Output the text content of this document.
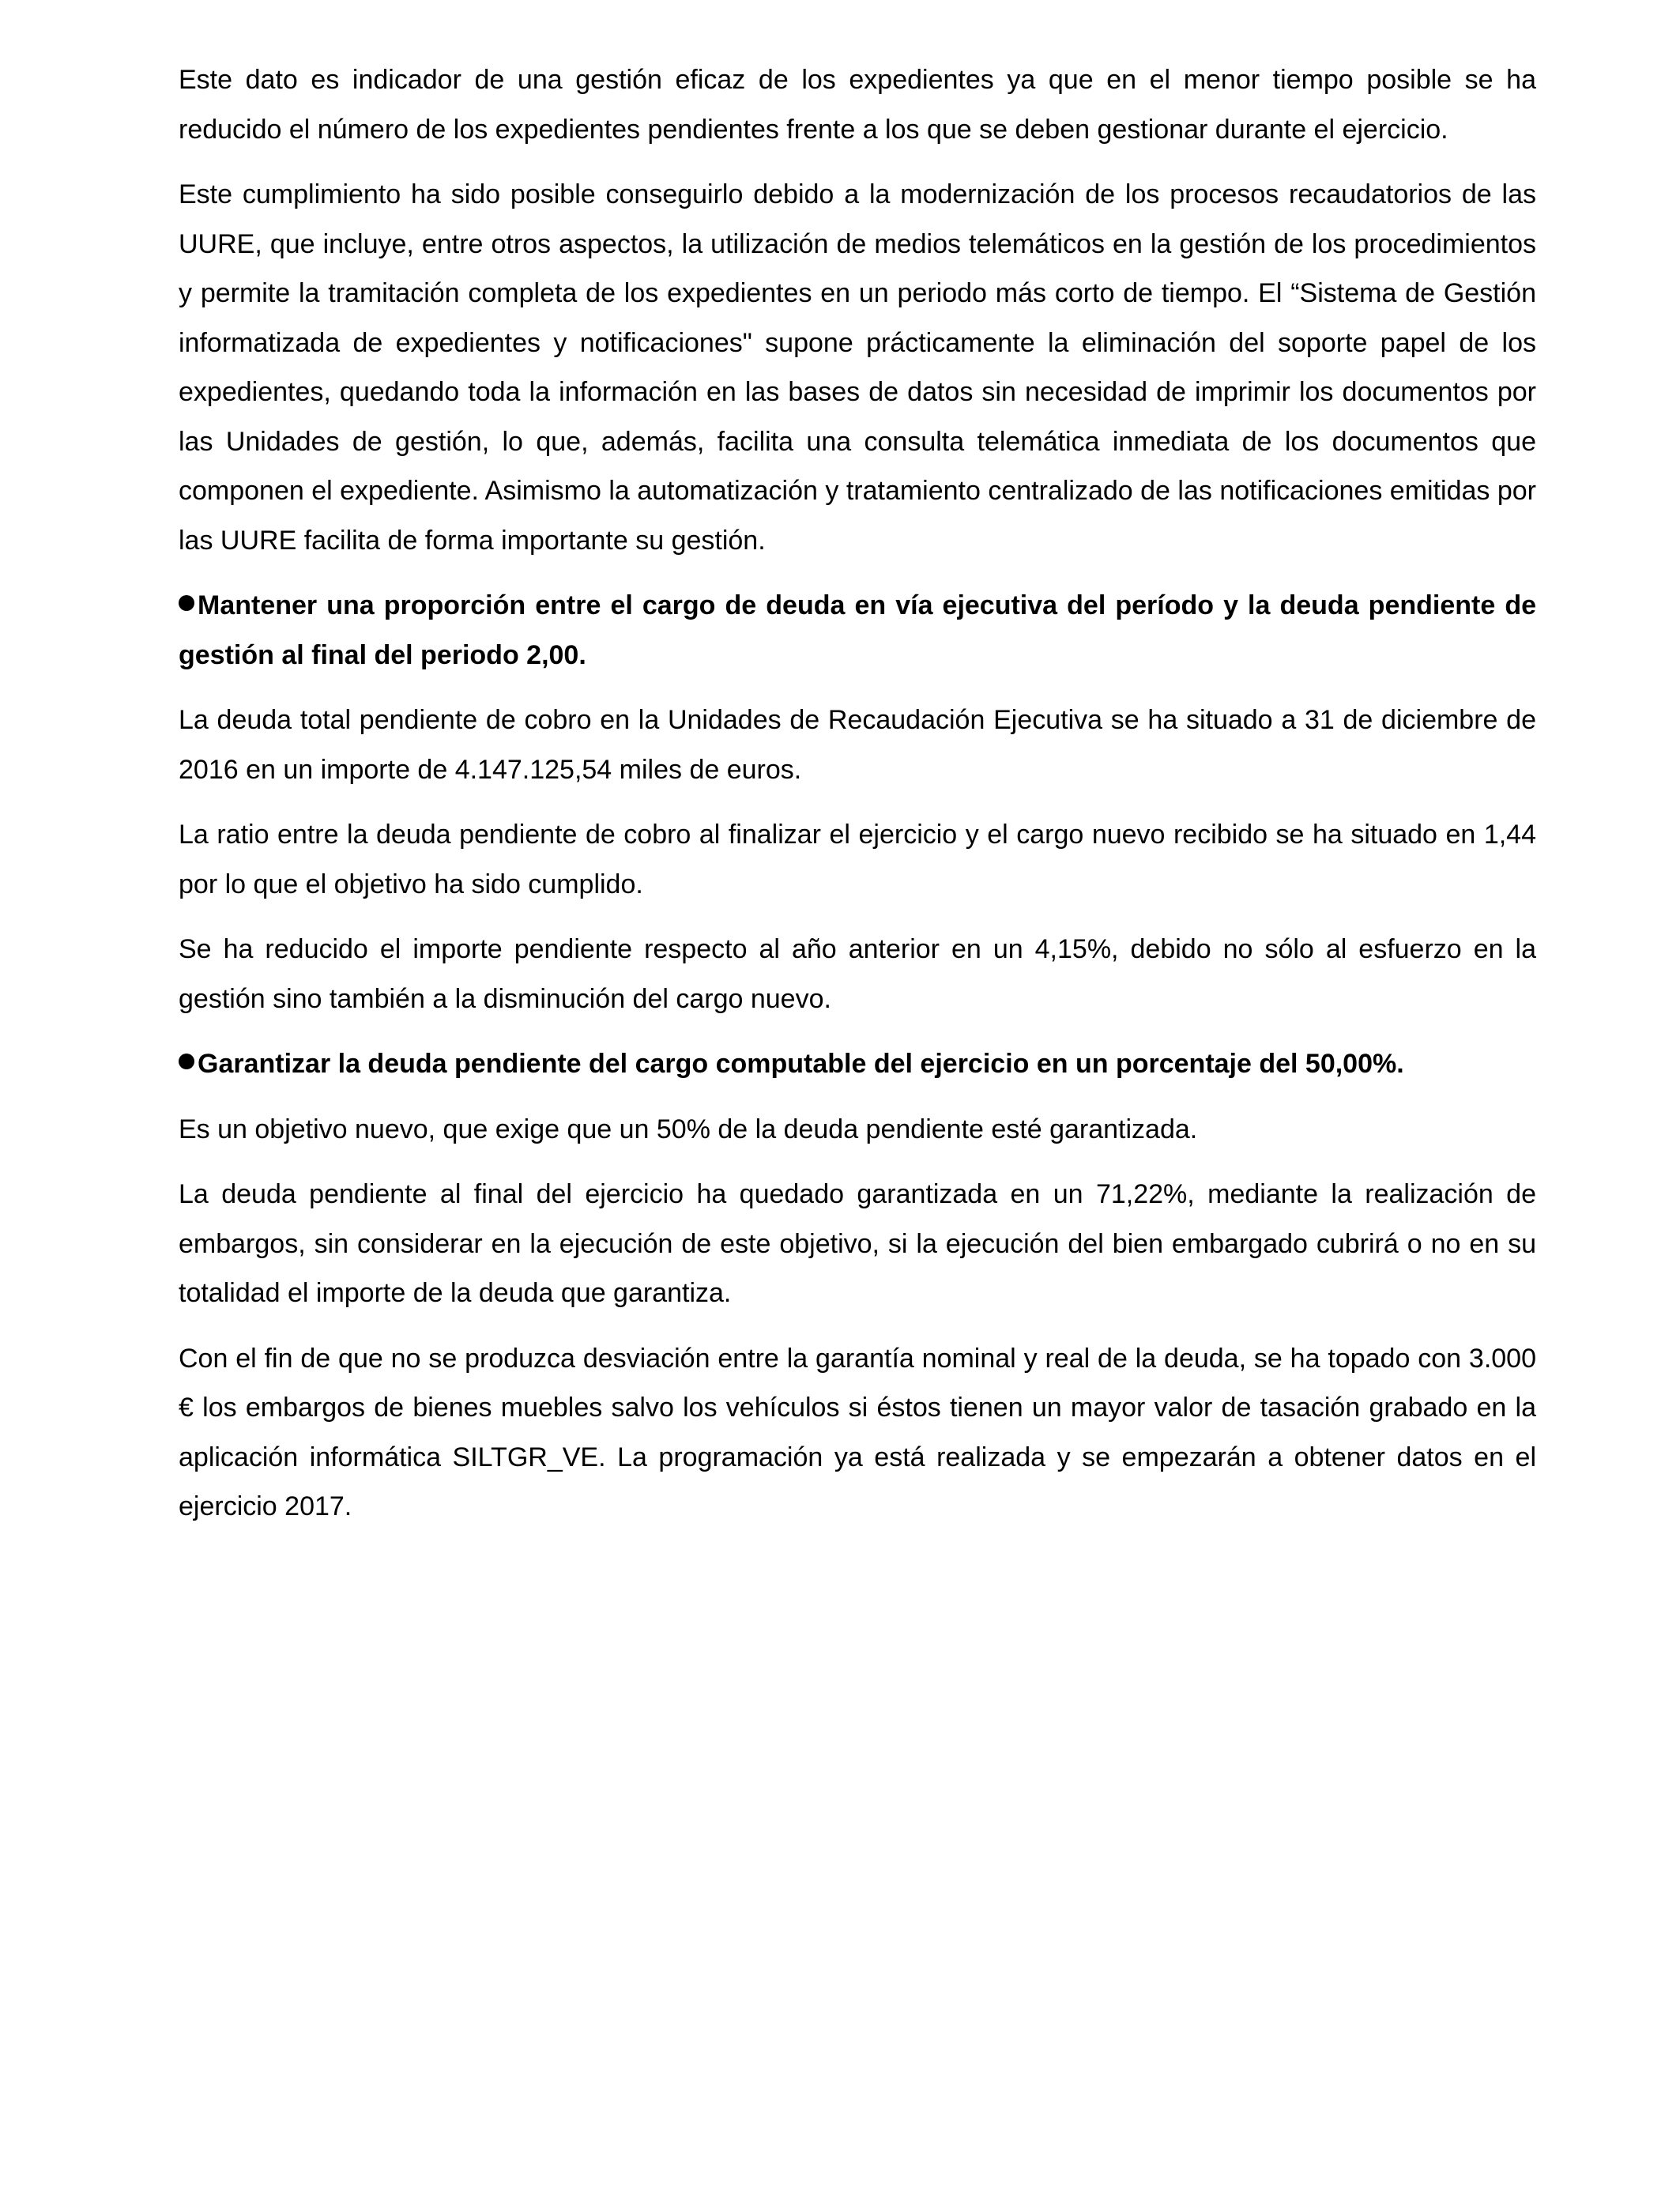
Este dato es indicador de una gestión eficaz de los expedientes ya que en el menor tiempo posible se ha reducido el número de los expedientes pendientes frente a los que se deben gestionar durante el ejercicio.

Este cumplimiento ha sido posible conseguirlo debido a la modernización de los procesos recaudatorios de las UURE, que incluye, entre otros aspectos, la utilización de medios telemáticos en la gestión de los procedimientos y permite la tramitación completa de los expedientes en un periodo más corto de tiempo. El “Sistema de Gestión informatizada de expedientes y notificaciones" supone prácticamente la eliminación del soporte papel de los expedientes, quedando toda la información en las bases de datos sin necesidad de imprimir los documentos por las Unidades de gestión, lo que, además, facilita una consulta telemática inmediata de los documentos que componen el expediente. Asimismo la automatización y tratamiento centralizado de las notificaciones emitidas por las UURE facilita de forma importante su gestión.

Mantener una proporción entre el cargo de deuda en vía ejecutiva del período y la deuda pendiente de gestión al final del periodo 2,00.

La deuda total pendiente de cobro en la Unidades de Recaudación Ejecutiva se ha situado a 31 de diciembre de 2016 en un importe de 4.147.125,54 miles de euros.

La ratio entre la deuda pendiente de cobro al finalizar el ejercicio y el cargo nuevo recibido se ha situado en 1,44 por lo que el objetivo ha sido cumplido.

Se ha reducido el importe pendiente respecto al año anterior en un 4,15%, debido no sólo al esfuerzo en la gestión sino también a la disminución del cargo nuevo.

Garantizar la deuda pendiente del cargo computable del ejercicio en un porcentaje del 50,00%.

Es un objetivo nuevo, que exige que un 50% de la deuda pendiente esté garantizada.

La deuda pendiente al final del ejercicio ha quedado garantizada en un 71,22%, mediante la realización de embargos, sin considerar en la ejecución de este objetivo, si la ejecución del bien embargado cubrirá o no en su totalidad el importe de la deuda que garantiza.

Con el fin de que no se produzca desviación entre la garantía nominal y real de la deuda, se ha topado con 3.000 € los embargos de bienes muebles salvo los vehículos si éstos tienen un mayor valor de tasación grabado en la aplicación informática SILTGR_VE. La programación ya está realizada y se empezarán a obtener datos en el ejercicio 2017.
